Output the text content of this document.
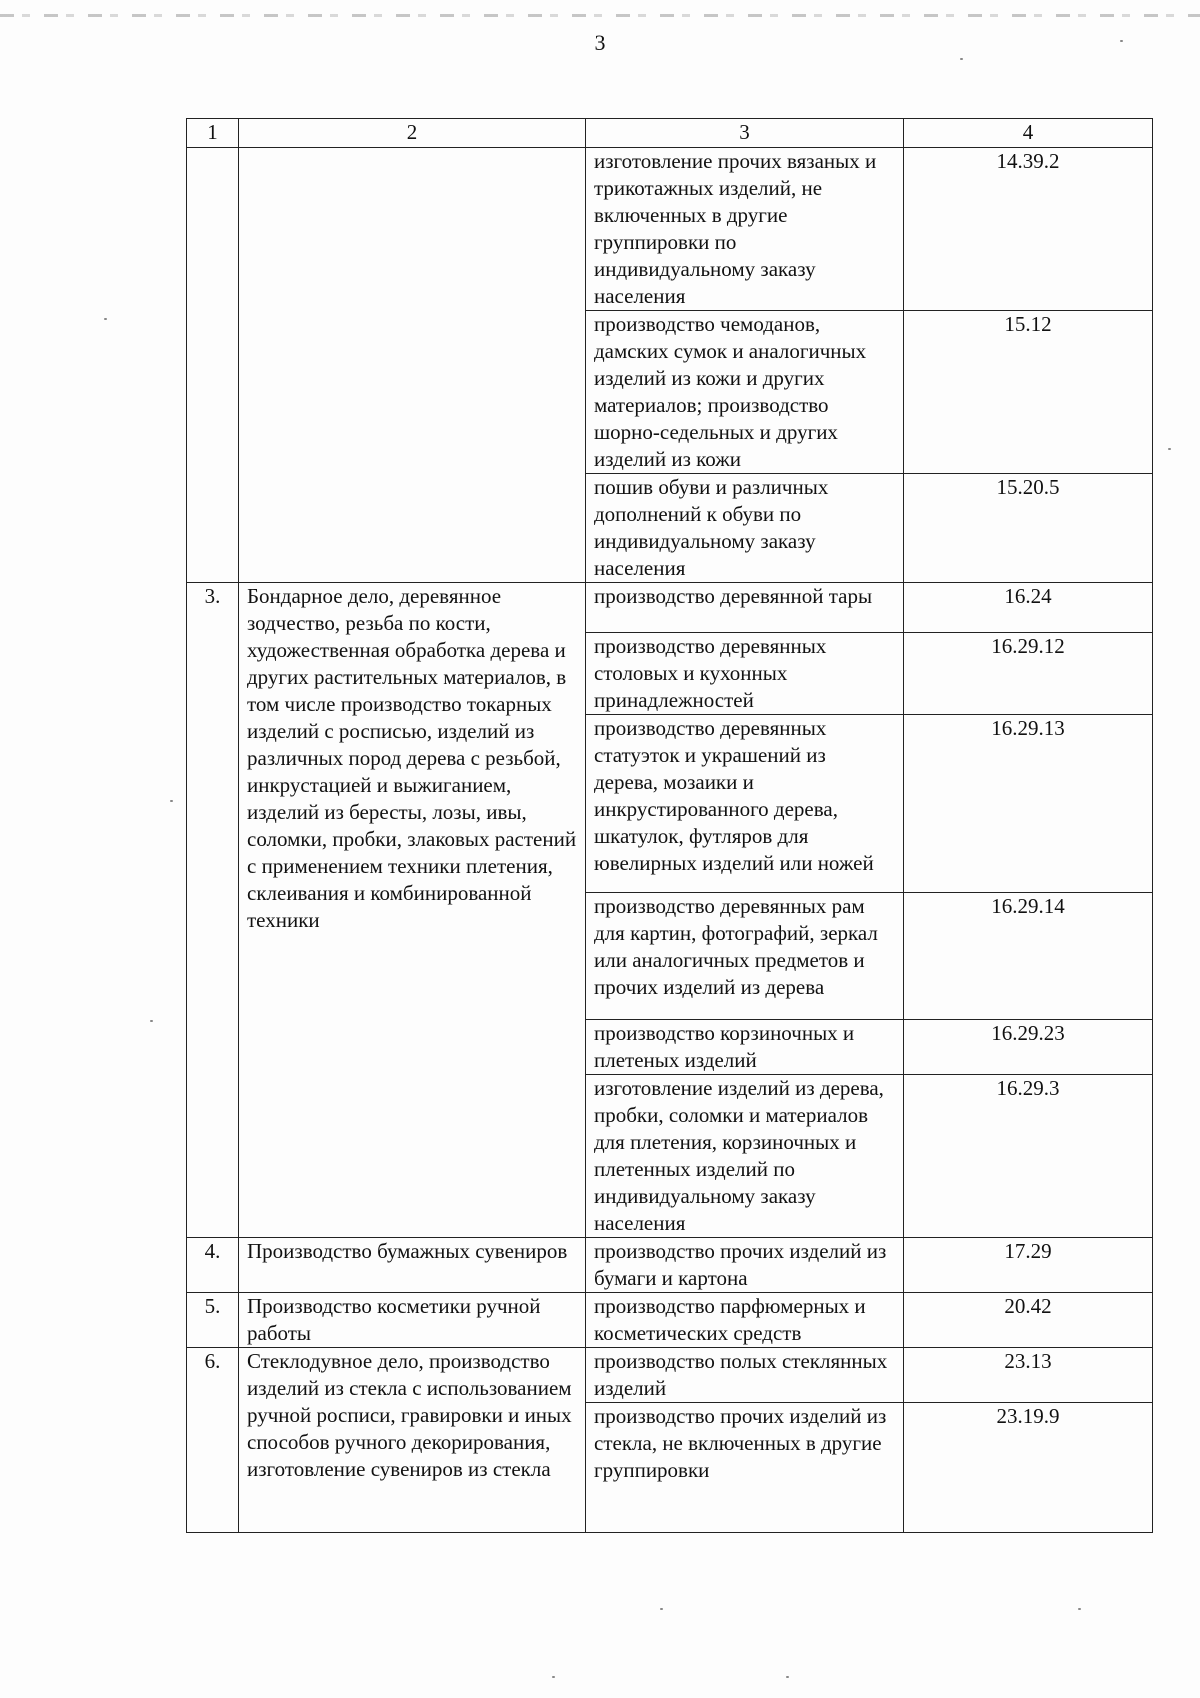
3
1	2	3	4
		изготовление прочих вязаных и трикотажных изделий, не включенных в другие группировки по индивидуальному заказу населения	14.39.2
		производство чемоданов, дамских сумок и аналогичных изделий из кожи и других материалов; производство шорно-седельных и других изделий из кожи	15.12
		пошив обуви и различных дополнений к обуви по индивидуальному заказу населения	15.20.5
3.	Бондарное дело, деревянное зодчество, резьба по кости, художественная обработка дерева и других растительных материалов, в том числе производство токарных изделий с росписью, изделий из различных пород дерева с резьбой, инкрустацией и выжиганием, изделий из бересты, лозы, ивы, соломки, пробки, злаковых растений с применением техники плетения, склеивания и комбинированной техники	производство деревянной тары	16.24
		производство деревянных столовых и кухонных принадлежностей	16.29.12
		производство деревянных статуэток и украшений из дерева, мозаики и инкрустированного дерева, шкатулок, футляров для ювелирных изделий или ножей	16.29.13
		производство деревянных рам для картин, фотографий, зеркал или аналогичных предметов и прочих изделий из дерева	16.29.14
		производство корзиночных и плетеных изделий	16.29.23
		изготовление изделий из дерева, пробки, соломки и материалов для плетения, корзиночных и плетенных изделий по индивидуальному заказу населения	16.29.3
4.	Производство бумажных сувениров	производство прочих изделий из бумаги и картона	17.29
5.	Производство косметики ручной работы	производство парфюмерных и косметических средств	20.42
6.	Стеклодувное дело, производство изделий из стекла с использованием ручной росписи, гравировки и иных способов ручного декорирования, изготовление сувениров из стекла	производство полых стеклянных изделий	23.13
		производство прочих изделий из стекла, не включенных в другие группировки	23.19.9
